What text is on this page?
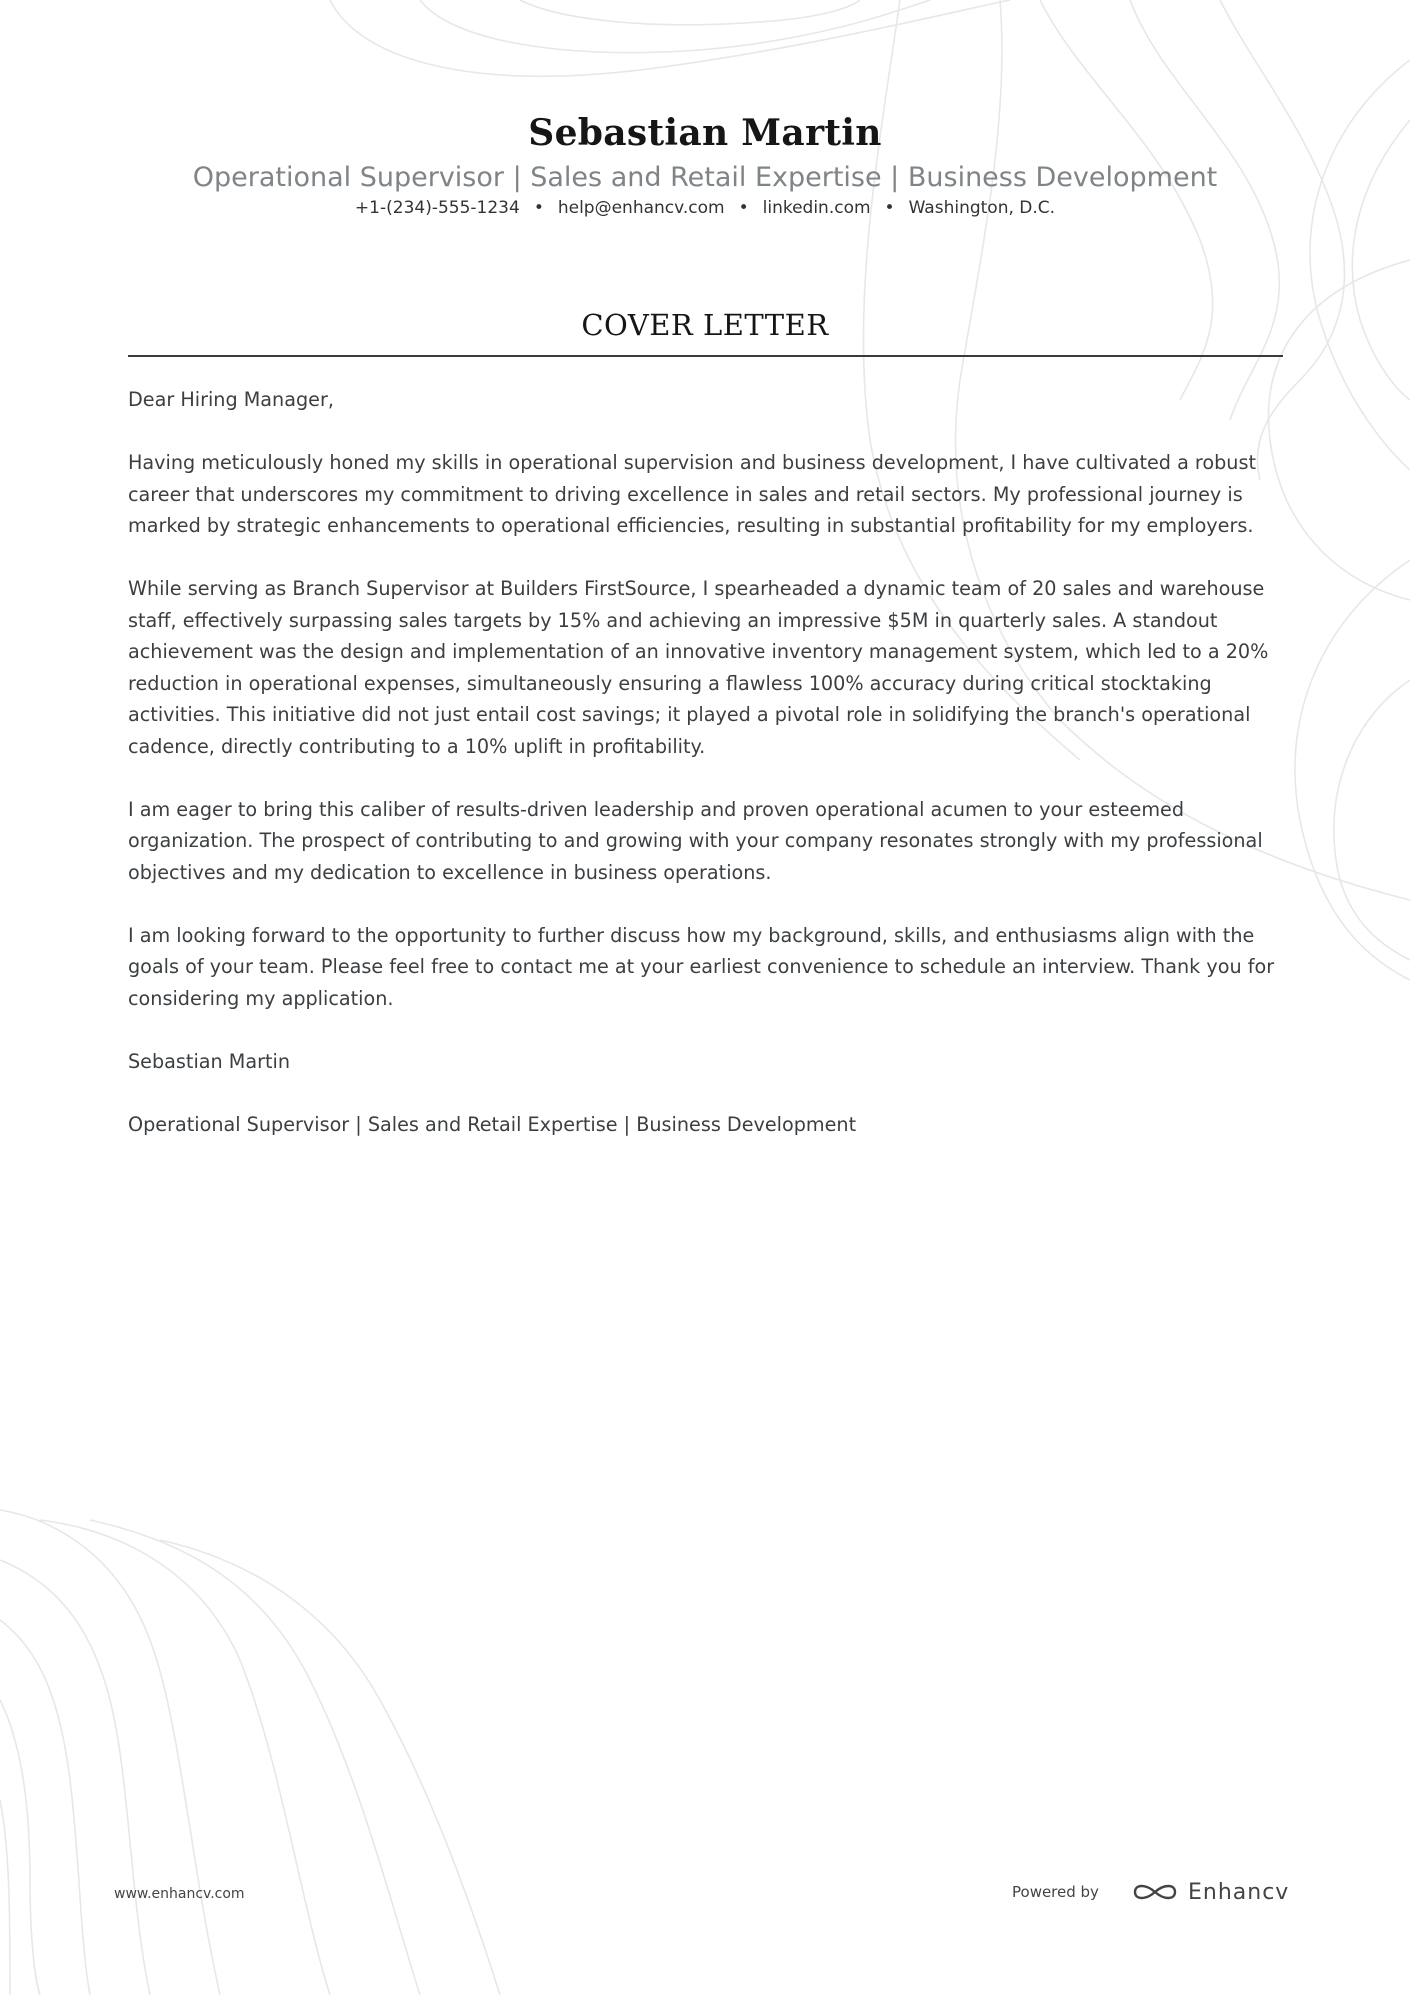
Sebastian Martin
Operational Supervisor | Sales and Retail Expertise | Business Development
+1-(234)-555-1234 • help@enhancv.com • linkedin.com • Washington, D.C.
COVER LETTER

Dear Hiring Manager,

Having meticulously honed my skills in operational supervision and business development, I have cultivated a robust career that underscores my commitment to driving excellence in sales and retail sectors. My professional journey is marked by strategic enhancements to operational efficiencies, resulting in substantial profitability for my employers.

While serving as Branch Supervisor at Builders FirstSource, I spearheaded a dynamic team of 20 sales and warehouse staff, effectively surpassing sales targets by 15% and achieving an impressive $5M in quarterly sales. A standout achievement was the design and implementation of an innovative inventory management system, which led to a 20% reduction in operational expenses, simultaneously ensuring a flawless 100% accuracy during critical stocktaking activities. This initiative did not just entail cost savings; it played a pivotal role in solidifying the branch's operational cadence, directly contributing to a 10% uplift in profitability.

I am eager to bring this caliber of results-driven leadership and proven operational acumen to your esteemed organization. The prospect of contributing to and growing with your company resonates strongly with my professional objectives and my dedication to excellence in business operations.

I am looking forward to the opportunity to further discuss how my background, skills, and enthusiasms align with the goals of your team. Please feel free to contact me at your earliest convenience to schedule an interview. Thank you for considering my application.

Sebastian Martin

Operational Supervisor | Sales and Retail Expertise | Business Development

www.enhancv.com	Powered by	Enhancv
